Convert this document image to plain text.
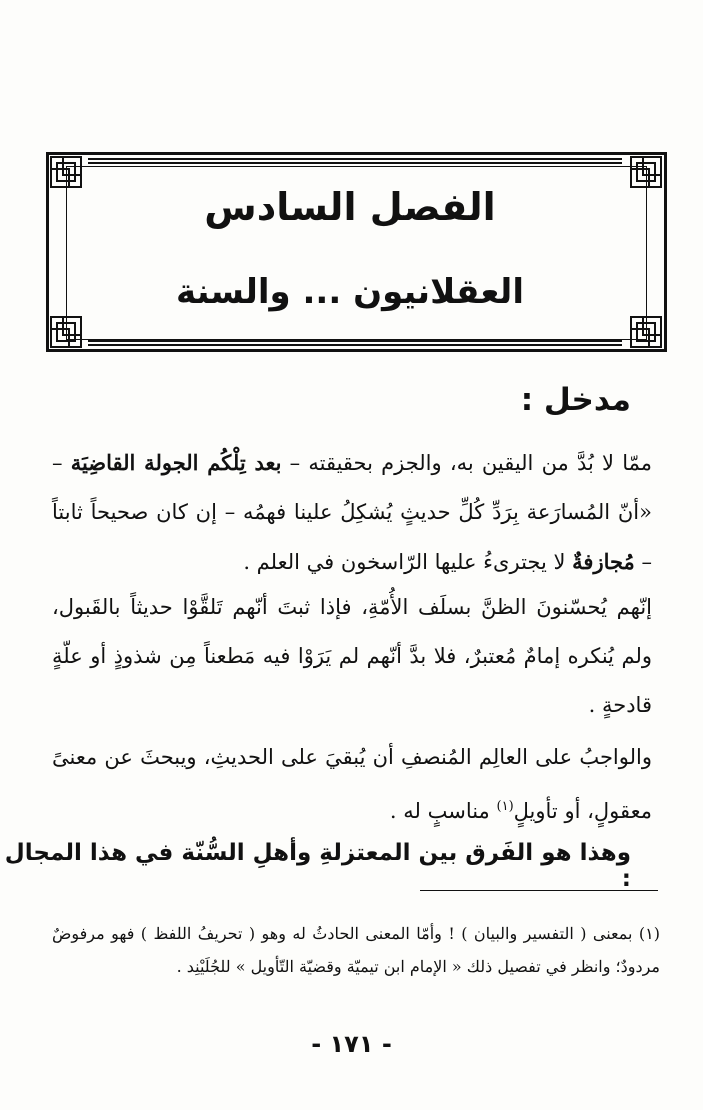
الفصل السادس
العقلانيون ... والسنة
مدخل :
ممّا لا بُدَّ من اليقين به، والجزم بحقيقته – بعد تِلْكُم الجولة القاضِيَة – «أنّ المُسارَعة بِرَدِّ كُلِّ حديثٍ يُشكِلُ علينا فهمُه – إن كان صحيحاً ثابتاً – مُجازفةٌ لا يجترىءُ عليها الرّاسخون في العلم .
إنّهم يُحسّنونَ الظنَّ بسلَف الأُمّةِ، فإذا ثبتَ أنّهم تَلقَّوْا حديثاً بالقَبول، ولم يُنكره إمامٌ مُعتبرٌ، فلا بدَّ أنّهم لم يَرَوْا فيه مَطعناً مِن شذوذٍ أو علّةٍ قادحةٍ .
والواجبُ على العالِم المُنصفِ أن يُبقيَ على الحديثِ، ويبحثَ عن معنىً معقولٍ، أو تأويلٍ$^{(١)}$ مناسبٍ له .
وهذا هو الفَرق بين المعتزلةِ وأهلِ السُّنّة في هذا المجال :
(١) بمعنى ( التفسير والبيان ) ! وأمّا المعنى الحادثُ له وهو ( تحريفُ اللفظ ) فهو مرفوضٌ مردودٌ؛ وانظر في تفصيل ذلك « الإمام ابن تيميّة وقضيّة التّأويل » للجُلَيْنِد .
- ١٧١ -
